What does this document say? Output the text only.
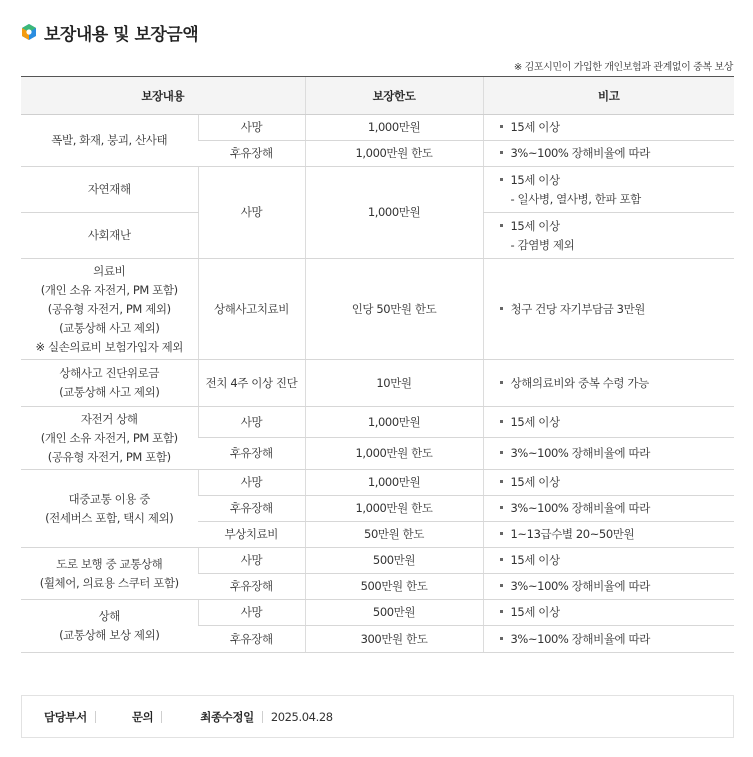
보장내용 및 보장금액
※ 김포시민이 가입한 개인보험과 관계없이 중복 보상
보장내용		보장한도	비고
폭발, 화재, 붕괴, 산사태	사망	1,000만원	15세 이상
	후유장해	1,000만원 한도	3%~100% 장해비율에 따라
자연재해	사망	1,000만원	15세 이상
- 일사병, 열사병, 한파 포함

사회재난			15세 이상
- 감염병 제외

의료비
(개인 소유 자전거, PM 포함)
(공유형 자전거, PM 제외)
(교통상해 사고 제외)
※ 실손의료비 보험가입자 제외	상해사고치료비	인당 50만원 한도	청구 건당 자기부담금 3만원

상해사고 진단위로금
(교통상해 사고 제외)	전치 4주 이상 진단	10만원	상해의료비와 중복 수령 가능

자전거 상해
(개인 소유 자전거, PM 포함)
(공유형 자전거, PM 포함)	사망	1,000만원	15세 이상
	후유장해	1,000만원 한도	3%~100% 장해비율에 따라

대중교통 이용 중
(전세버스 포함, 택시 제외)	사망	1,000만원	15세 이상
	후유장해	1,000만원 한도	3%~100% 장해비율에 따라
	부상치료비	50만원 한도	1~13급수별 20~50만원

도로 보행 중 교통상해
(휠체어, 의료용 스쿠터 포함)	사망	500만원	15세 이상
	후유장해	500만원 한도	3%~100% 장해비율에 따라

상해
(교통상해 보상 제외)	사망	500만원	15세 이상
	후유장해	300만원 한도	3%~100% 장해비율에 따라
담당부서	문의	최종수정일 2025.04.28
